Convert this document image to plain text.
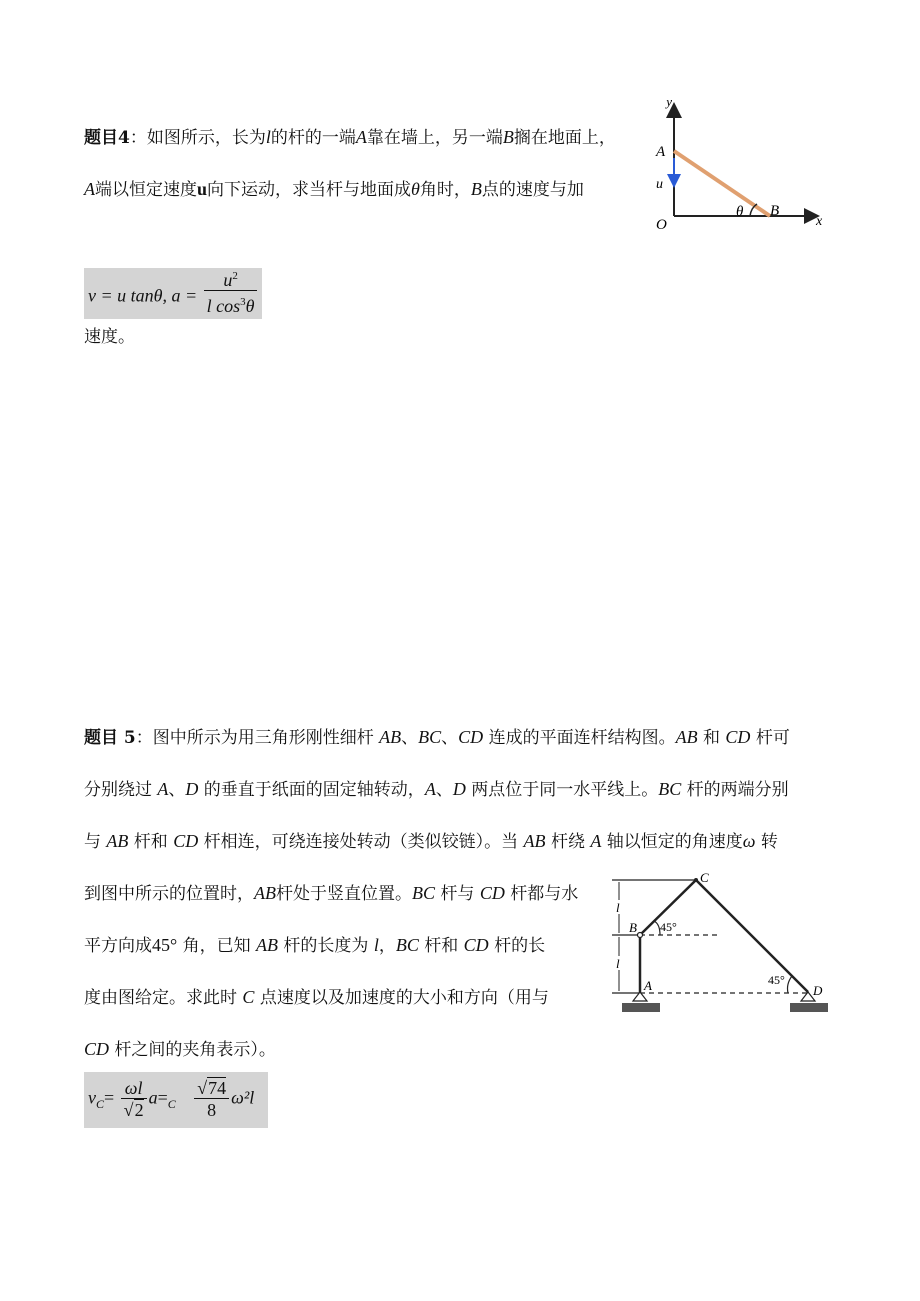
题目4：如图所示，长为l的杆的一端A靠在墙上，另一端B搁在地面上，
A端以恒定速度u向下运动，求当杆与地面成θ角时，B点的速度与加
v = u tanθ, $a = \frac{u^2}{l \cos^3\theta}$
速度。
y
A
u
O
θ B
x
题目 5：图中所示为用三角形刚性细杆 AB、BC、CD 连成的平面连杆结构图。AB 和 CD 杆可
分别绕过 A、D 的垂直于纸面的固定轴转动，A、D 两点位于同一水平线上。BC 杆的两端分别
与 AB 杆和 CD 杆相连，可绕连接处转动（类似铰链）。当 AB 杆绕 A 轴以恒定的角速度ω 转
到图中所示的位置时，AB杆处于竖直位置。BC 杆与 CD 杆都与水
平方向成45° 角，已知 AB 杆的长度为 l，BC 杆和 CD 杆的长
度由图给定。求此时 C 点速度以及加速度的大小和方向（用与
CD 杆之间的夹角表示）。
$v_C= \frac{\omega l}{√2} a=_C \frac{√74}{8} \omega^2l$
l
l
45°
45°
C
B
A	D
